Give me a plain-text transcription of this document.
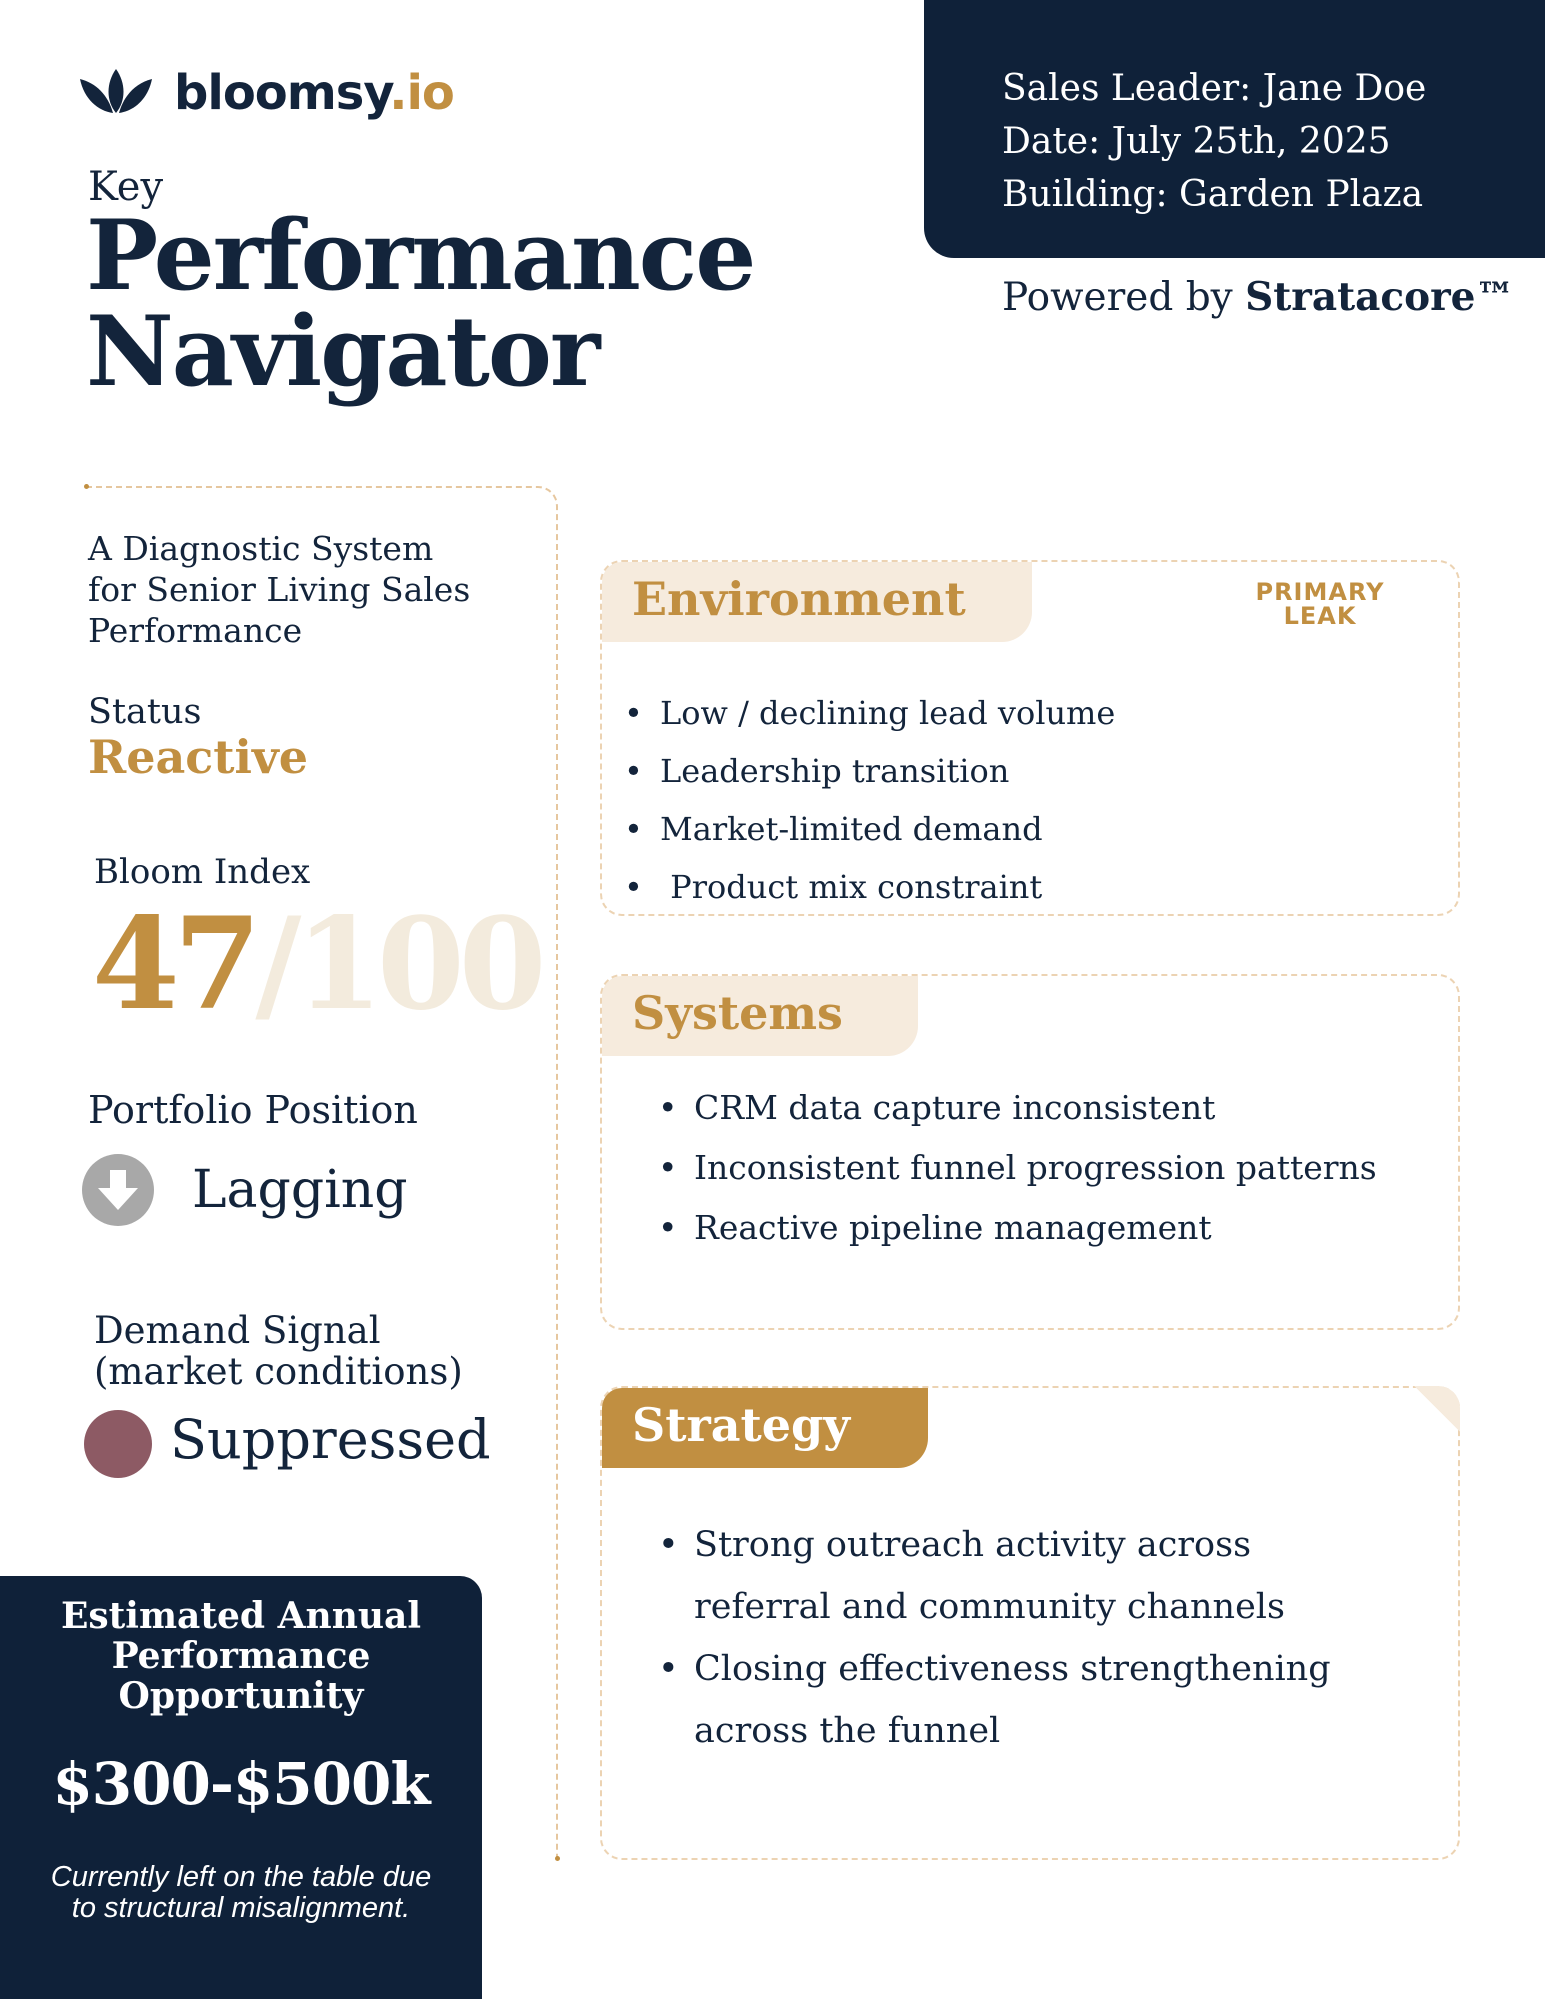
bloomsy.io
Key
Performance
Navigator
Sales Leader: Jane Doe
Date: July 25th, 2025
Building: Garden Plaza
Powered by Stratacore™
A Diagnostic System for Senior Living Sales Performance
Status
Reactive
Bloom Index
47 /100
Portfolio Position
Lagging
Demand Signal (market conditions)
Suppressed
Estimated Annual Performance Opportunity
$300-$500k
Currently left on the table due to structural misalignment.
Environment	PRIMARY LEAK
• Low / declining lead volume
• Leadership transition
• Market-limited demand
•  Product mix constraint
Systems
• CRM data capture inconsistent
• Inconsistent funnel progression patterns
• Reactive pipeline management
Strategy
• Strong outreach activity across referral and community channels
• Closing effectiveness strengthening across the funnel
